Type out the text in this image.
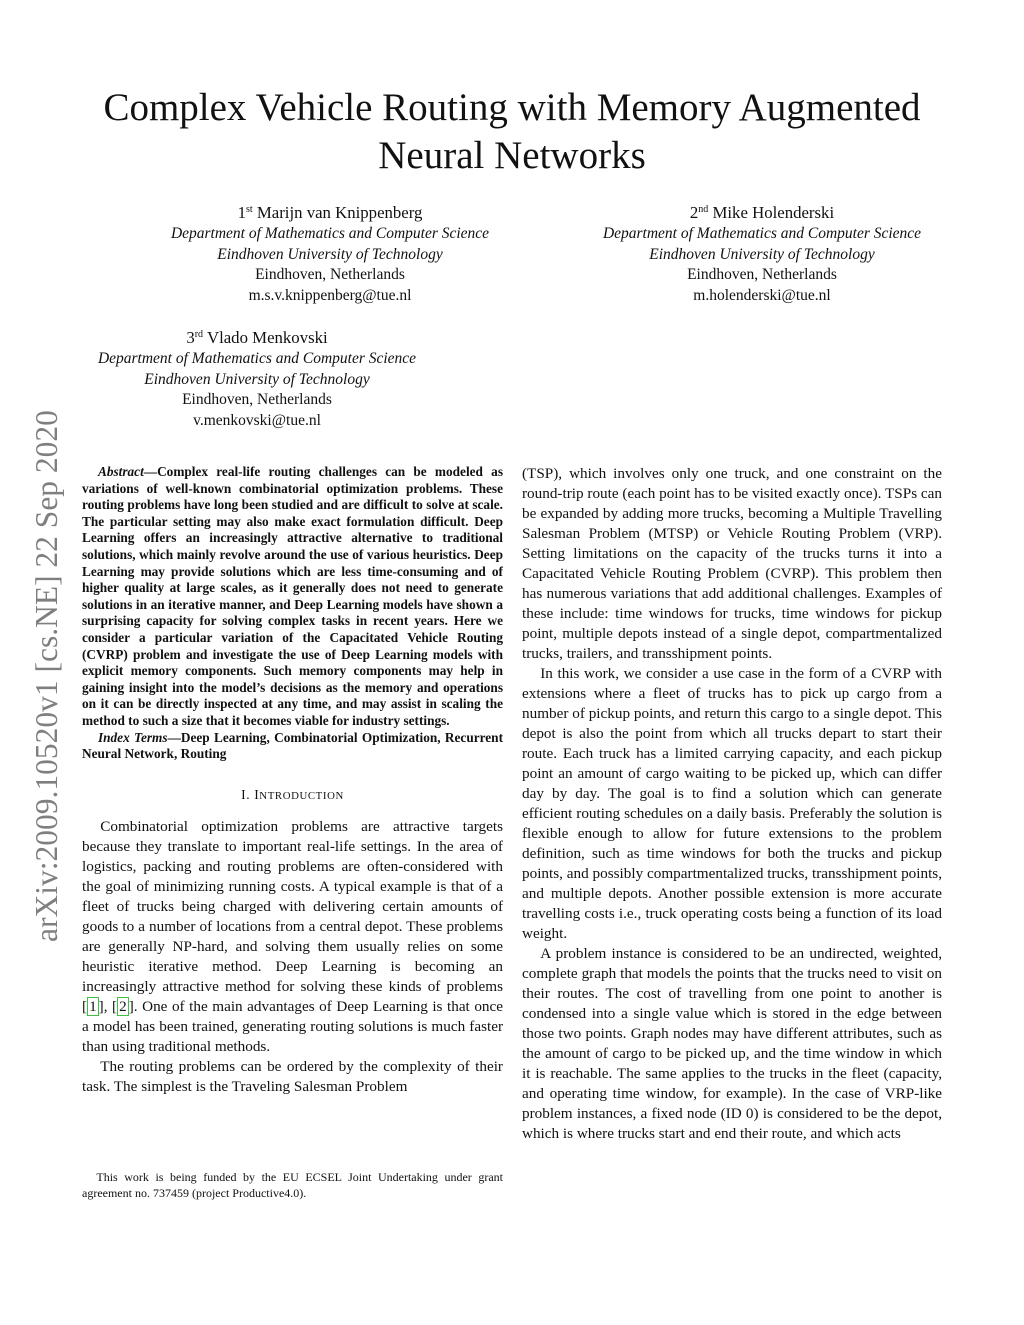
arXiv:2009.10520v1 [cs.NE] 22 Sep 2020
Complex Vehicle Routing with Memory Augmented Neural Networks
1st Marijn van Knippenberg
Department of Mathematics and Computer Science
Eindhoven University of Technology
Eindhoven, Netherlands
m.s.v.knippenberg@tue.nl
2nd Mike Holenderski
Department of Mathematics and Computer Science
Eindhoven University of Technology
Eindhoven, Netherlands
m.holenderski@tue.nl
3rd Vlado Menkovski
Department of Mathematics and Computer Science
Eindhoven University of Technology
Eindhoven, Netherlands
v.menkovski@tue.nl

Abstract—Complex real-life routing challenges can be modeled as variations of well-known combinatorial optimization problems. These routing problems have long been studied and are difficult to solve at scale. The particular setting may also make exact formulation difficult. Deep Learning offers an increasingly attractive alternative to traditional solutions, which mainly revolve around the use of various heuristics. Deep Learning may provide solutions which are less time-consuming and of higher quality at large scales, as it generally does not need to generate solutions in an iterative manner, and Deep Learning models have shown a surprising capacity for solving complex tasks in recent years. Here we consider a particular variation of the Capacitated Vehicle Routing (CVRP) problem and investigate the use of Deep Learning models with explicit memory components. Such memory components may help in gaining insight into the model’s decisions as the memory and operations on it can be directly inspected at any time, and may assist in scaling the method to such a size that it becomes viable for industry settings.

Index Terms—Deep Learning, Combinatorial Optimization, Recurrent Neural Network, Routing

I. INTRODUCTION

Combinatorial optimization problems are attractive targets because they translate to important real-life settings. In the area of logistics, packing and routing problems are often-considered with the goal of minimizing running costs. A typical example is that of a fleet of trucks being charged with delivering certain amounts of goods to a number of locations from a central depot. These problems are generally NP-hard, and solving them usually relies on some heuristic iterative method. Deep Learning is becoming an increasingly attractive method for solving these kinds of problems [ 1 ], [ 2 ]. One of the main advantages of Deep Learning is that once a model has been trained, generating routing solutions is much faster than using traditional methods.

The routing problems can be ordered by the complexity of their task. The simplest is the Traveling Salesman Problem

This work is being funded by the EU ECSEL Joint Undertaking under grant agreement no. 737459 (project Productive4.0).

(TSP), which involves only one truck, and one constraint on the round-trip route (each point has to be visited exactly once). TSPs can be expanded by adding more trucks, becoming a Multiple Travelling Salesman Problem (MTSP) or Vehicle Routing Problem (VRP). Setting limitations on the capacity of the trucks turns it into a Capacitated Vehicle Routing Problem (CVRP). This problem then has numerous variations that add additional challenges. Examples of these include: time windows for trucks, time windows for pickup point, multiple depots instead of a single depot, compartmentalized trucks, trailers, and transshipment points.

In this work, we consider a use case in the form of a CVRP with extensions where a fleet of trucks has to pick up cargo from a number of pickup points, and return this cargo to a single depot. This depot is also the point from which all trucks depart to start their route. Each truck has a limited carrying capacity, and each pickup point an amount of cargo waiting to be picked up, which can differ day by day. The goal is to find a solution which can generate efficient routing schedules on a daily basis. Preferably the solution is flexible enough to allow for future extensions to the problem definition, such as time windows for both the trucks and pickup points, and possibly compartmentalized trucks, transshipment points, and multiple depots. Another possible extension is more accurate travelling costs i.e., truck operating costs being a function of its load weight.

A problem instance is considered to be an undirected, weighted, complete graph that models the points that the trucks need to visit on their routes. The cost of travelling from one point to another is condensed into a single value which is stored in the edge between those two points. Graph nodes may have different attributes, such as the amount of cargo to be picked up, and the time window in which it is reachable. The same applies to the trucks in the fleet (capacity, and operating time window, for example). In the case of VRP-like problem instances, a fixed node (ID 0) is considered to be the depot, which is where trucks start and end their route, and which acts
